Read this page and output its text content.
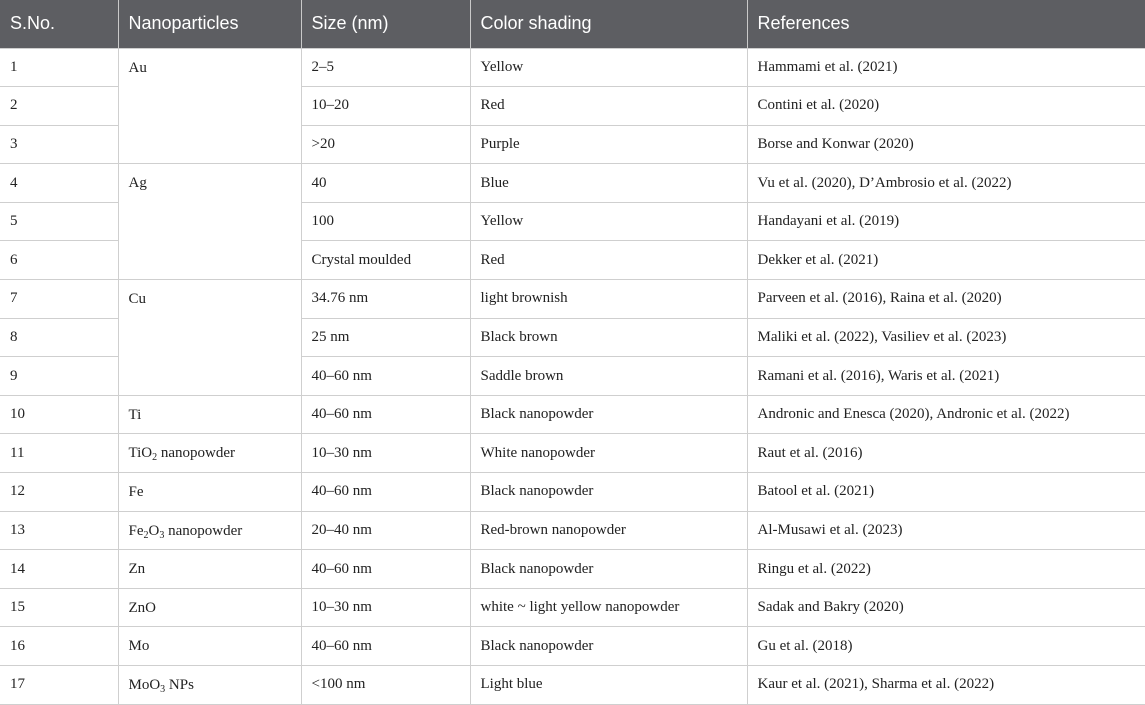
S.No.	Nanoparticles	Size (nm)	Color shading	References
1	Au	2–5	Yellow	Hammami et al. (2021)
2		10–20	Red	Contini et al. (2020)
3		>20	Purple	Borse and Konwar (2020)
4	Ag	40	Blue	Vu et al. (2020), D’Ambrosio et al. (2022)
5		100	Yellow	Handayani et al. (2019)
6		Crystal moulded	Red	Dekker et al. (2021)
7	Cu	34.76 nm	light brownish	Parveen et al. (2016), Raina et al. (2020)
8		25 nm	Black brown	Maliki et al. (2022), Vasiliev et al. (2023)
9		40–60 nm	Saddle brown	Ramani et al. (2016), Waris et al. (2021)
10	Ti	40–60 nm	Black nanopowder	Andronic and Enesca (2020), Andronic et al. (2022)
11	TiO$_2$ nanopowder	10–30 nm	White nanopowder	Raut et al. (2016)
12	Fe	40–60 nm	Black nanopowder	Batool et al. (2021)
13	$Fe_2O_3$ nanopowder	20–40 nm	Red-brown nanopowder	Al-Musawi et al. (2023)
14	Zn	40–60 nm	Black nanopowder	Ringu et al. (2022)
15	ZnO	10–30 nm	white ~ light yellow nanopowder	Sadak and Bakry (2020)
16	Mo	40–60 nm	Black nanopowder	Gu et al. (2018)
17	MoO$_3$ NPs	<100 nm	Light blue	Kaur et al. (2021), Sharma et al. (2022)
